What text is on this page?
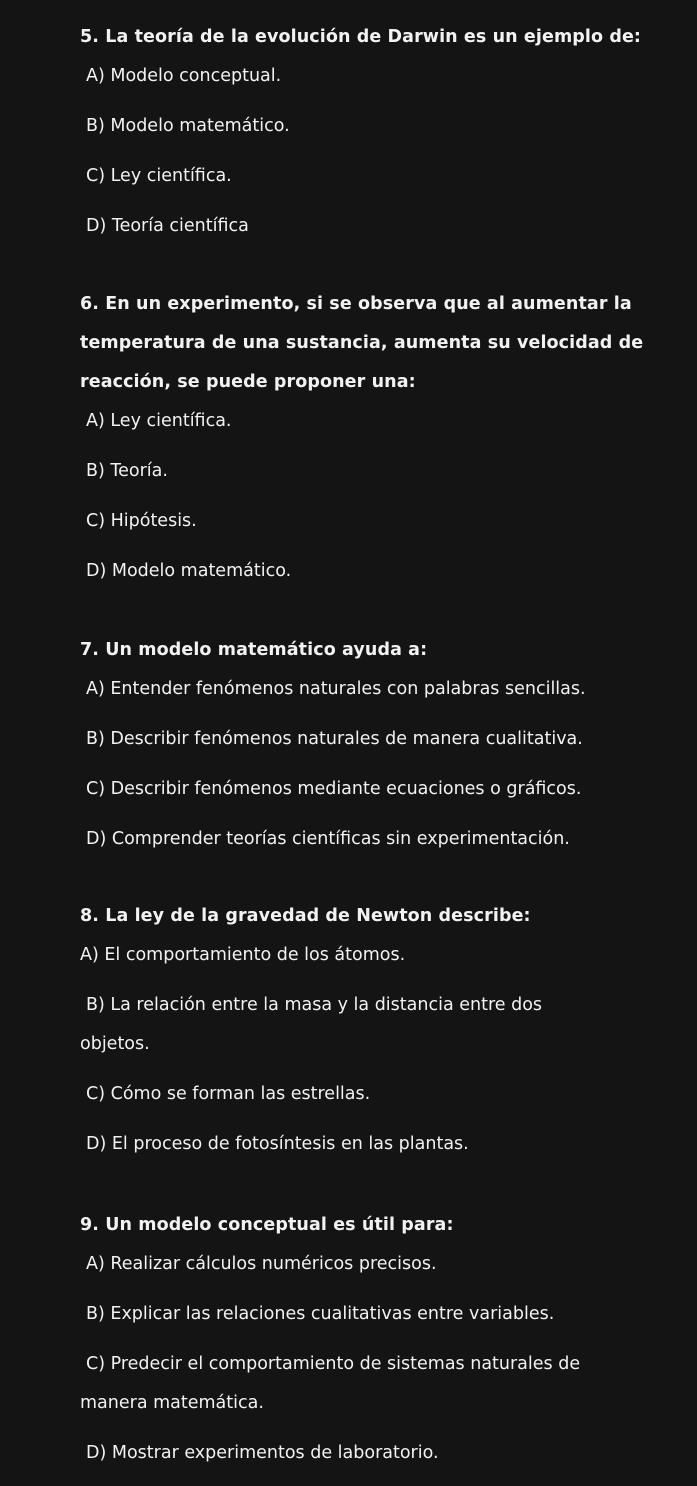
5. La teoría de la evolución de Darwin es un ejemplo de:

A) Modelo conceptual.

B) Modelo matemático.

C) Ley científica.

D) Teoría científica

6. En un experimento, si se observa que al aumentar la

temperatura de una sustancia, aumenta su velocidad de

reacción, se puede proponer una:

A) Ley científica.

B) Teoría.

C) Hipótesis.

D) Modelo matemático.

7. Un modelo matemático ayuda a:

A) Entender fenómenos naturales con palabras sencillas.

B) Describir fenómenos naturales de manera cualitativa.

C) Describir fenómenos mediante ecuaciones o gráficos.

D) Comprender teorías científicas sin experimentación.

8. La ley de la gravedad de Newton describe:

A) El comportamiento de los átomos.

B) La relación entre la masa y la distancia entre dos

objetos.

C) Cómo se forman las estrellas.

D) El proceso de fotosíntesis en las plantas.

9. Un modelo conceptual es útil para:

A) Realizar cálculos numéricos precisos.

B) Explicar las relaciones cualitativas entre variables.

C) Predecir el comportamiento de sistemas naturales de

manera matemática.

D) Mostrar experimentos de laboratorio.
